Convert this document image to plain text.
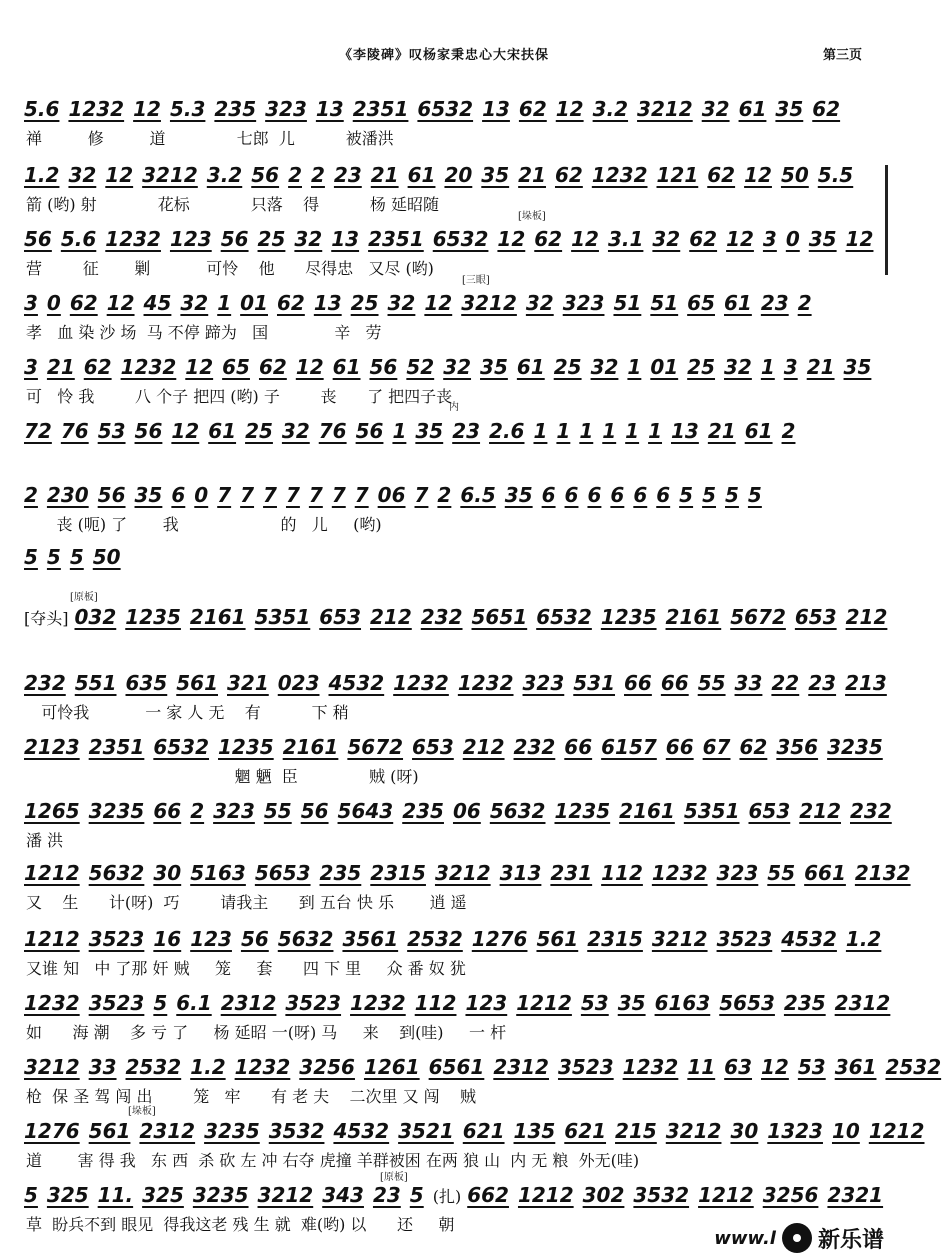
《李陵碑》叹杨家秉忠心大宋扶保	第三页
5.6 1232 12 5.3 235 323 13 2351 6532 13 62 12 3.2 3212 32 61 35 62
禅         修         道              七郎  儿          被潘洪
1.2 32 12 3212 3.2 56 2 2 23 21 61 20 35 21 62 1232 121 62 12 50 5.5
箭 (哟) 射            花标            只落    得          杨 延昭随
56 5.6 1232 123 56 25 32 13 2351 6532 12 62 12 3.1 32 62 12 3 0 35 12
营        征       剿           可怜    他      尽得忠   又尽 (哟)
3 0 62 12 45 32 1 01 62 13 25 32 12 3212 32 323 51 51 65 61 23 2
孝   血 染 沙 场  马 不停 蹄为   国             辛   劳
3 21 62 1232 12 65 62 12 61 56 52 32 35 61 25 32 1 01 25 32 1 3 21 35
可   怜 我        八 个子 把四 (哟) 子        丧      了 把四子丧
72 76 53 56 12 61 25 32 76 56 1 35 23 2.6 1 1 1 1 1 1 13 21 61 2
2 230 56 35 6 0 7 7 7 7 7 7 7 06 7 2 6.5 35 6 6 6 6 6 6 5 5 5 5
丧 (呃) 了       我                    的   儿     (哟)
5 5 5 50
[夺头] 032 1235 2161 5351 653 212 232 5651 6532 1235 2161 5672 653 212
232 551 635 561 321 023 4532 1232 1232 323 531 66 66 55 33 22 23 213
可怜我           一 家 人 无    有          下 稍
2123 2351 6532 1235 2161 5672 653 212 232 66 6157 66 67 62 356 3235
魍 魉  臣              贼 (呀)
1265 3235 66 2 323 55 56 5643 235 06 5632 1235 2161 5351 653 212 232
潘 洪
1212 5632 30 5163 5653 235 2315 3212 313 231 112 1232 323 55 661 2132
又    生      计(呀)  巧        请我主      到 五台 快 乐       逍 遥
1212 3523 16 123 56 5632 3561 2532 1276 561 2315 3212 3523 4532 1.2
又谁 知   中 了那 奸 贼     笼     套      四 下 里     众 番 奴 犹
1232 3523 5 6.1 2312 3523 1232 112 123 1212 53 35 6163 5653 235 2312
如      海 潮    多 亏 了     杨 延昭 一(呀) 马     来    到(哇)     一 杆
3212 33 2532 1.2 1232 3256 1261 6561 2312 3523 1232 11 63 12 53 361 2532
枪  保 圣 驾 闯 出        笼   牢      有 老 夫    二次里 又 闯    贼
1276 561 2312 3235 3532 4532 3521 621 135 621 215 3212 30 1323 10 1212
道       害 得 我   东 西  杀 砍 左 冲 右夺 虎撞 羊群被困 在两 狼 山  内 无 粮  外无(哇)
5 325 11. 325 3235 3212 343 23 5 (扎) 662 1212 302 3532 1212 3256 2321
草  盼兵不到 眼见  得我这老 残 生 就  难(哟) 以      还     朝
[垛板]
[三眼]
内
[原板]
[垛板]
[原板]
www.l 新乐谱
